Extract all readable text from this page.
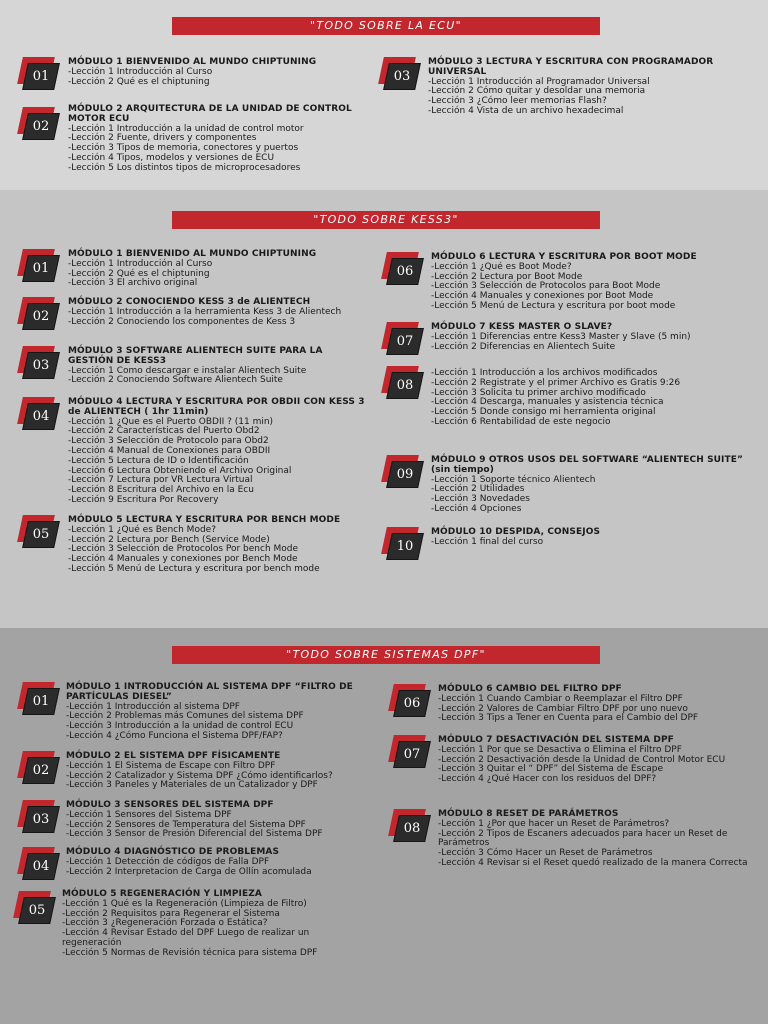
"TODO SOBRE LA ECU"
"TODO SOBRE KESS3"
"TODO SOBRE SISTEMAS DPF"
01
MÓDULO 1 BIENVENIDO AL MUNDO CHIPTUNING
-Lección 1 Introducción al Curso
-Lección 2 Qué es el chiptuning
02
MÓDULO 2 ARQUITECTURA DE LA UNIDAD DE CONTROL MOTOR ECU
-Lección 1 Introducción a la unidad de control motor
-Lección 2 Fuente, drivers y componentes
-Lección 3 Tipos de memoria, conectores y puertos
-Lección 4 Tipos, modelos y versiones de ECU
-Lección 5 Los distintos tipos de microprocesadores
03
MÓDULO 3 LECTURA Y ESCRITURA CON PROGRAMADOR UNIVERSAL
-Lección 1 Introducción al Programador Universal
-Lección 2 Cómo quitar y desoldar una memoria
-Lección 3 ¿Cómo leer memorias Flash?
-Lección 4 Vista de un archivo hexadecimal
01
MÓDULO 1 BIENVENIDO AL MUNDO CHIPTUNING
-Lección 1 Introducción al Curso
-Lección 2 Qué es el chiptuning
-Lección 3 El archivo original
02
MÓDULO 2 CONOCIENDO KESS 3 de ALIENTECH
-Lección 1 Introducción a la herramienta Kess 3 de Alientech
-Lección 2 Conociendo los componentes de Kess 3
03
MÓDULO 3 SOFTWARE ALIENTECH SUITE PARA LA GESTIÓN DE KESS3
-Lección 1 Como descargar e instalar Alientech Suite
-Lección 2 Conociendo Software Alientech Suite
04
MÓDULO 4 LECTURA Y ESCRITURA POR OBDII CON KESS 3 de ALIENTECH ( 1hr 11min)
-Lección 1 ¿Que es el Puerto OBDII ? (11 min)
-Lección 2 Características del Puerto Obd2
-Lección 3 Selección de Protocolo para Obd2
-Lección 4 Manual de Conexiones para OBDII
-Lección 5 Lectura de ID o Identificación
-Lección 6 Lectura Obteniendo el Archivo Original
-Lección 7 Lectura por VR Lectura Virtual
-Lección 8 Escritura del Archivo en la Ecu
-Lección 9 Escritura Por Recovery
05
MÓDULO 5 LECTURA Y ESCRITURA POR BENCH MODE
-Lección 1 ¿Qué es Bench Mode?
-Lección 2 Lectura por Bench (Service Mode)
-Lección 3 Selección de Protocolos Por bench Mode
-Lección 4 Manuales y conexiones por Bench Mode
-Lección 5 Menú de Lectura y escritura por bench mode
06
MÓDULO 6 LECTURA Y ESCRITURA POR BOOT MODE
-Lección 1 ¿Qué es Boot Mode?
-Lección 2 Lectura por Boot Mode
-Lección 3 Selección de Protocolos para Boot Mode
-Lección 4 Manuales y conexiones por Boot Mode
-Lección 5 Menú de Lectura y escritura por boot mode
07
MÓDULO 7 KESS MASTER O SLAVE?
-Lección 1 Diferencias entre Kess3 Master y Slave (5 min)
-Lección 2 Diferencias en Alientech Suite
08
-Lección 1 Introducción a los archivos modificados
-Lección 2 Registrate y el primer Archivo es Gratis 9:26
-Lección 3 Solicita tu primer archivo modificado
-Lección 4 Descarga, manuales y asistencia técnica
-Lección 5 Donde consigo mi herramienta original
-Lección 6 Rentabilidad de este negocio
09
MÓDULO 9 OTROS USOS DEL SOFTWARE “ALIENTECH SUITE” (sin tiempo)
-Lección 1 Soporte técnico Alientech
-Lección 2 Utilidades
-Lección 3 Novedades
-Lección 4 Opciones
10
MÓDULO 10 DESPIDA, CONSEJOS
-Lección 1 final del curso
01
MÓDULO 1 INTRODUCCIÓN AL SISTEMA DPF “FILTRO DE PARTÍCULAS DIESEL”
-Lección 1 Introducción al sistema DPF
-Lección 2 Problemas más Comunes del sistema DPF
-Lección 3 Introducción a la unidad de control ECU
-Lección 4 ¿Cómo Funciona el Sistema DPF/FAP?
02
MÓDULO 2 EL SISTEMA DPF FÍSICAMENTE
-Lección 1 El Sistema de Escape con Filtro DPF
-Lección 2 Catalizador y Sistema DPF ¿Cómo identificarlos?
-Lección 3 Paneles y Materiales de un Catalizador y DPF
03
MÓDULO 3 SENSORES DEL SISTEMA DPF
-Lección 1 Sensores del Sistema DPF
-Lección 2 Sensores de Temperatura del Sistema DPF
-Lección 3 Sensor de Presión Diferencial del Sistema DPF
04
MÓDULO 4 DIAGNÓSTICO DE PROBLEMAS
-Lección 1 Detección de códigos de Falla DPF
-Lección 2 Interpretacion de Carga de Ollín acomulada
05
MÓDULO 5 REGENERACIÓN Y LIMPIEZA
-Lección 1 Qué es la Regeneración (Limpieza de Filtro)
-Lección 2 Requisitos para Regenerar el Sistema
-Lección 3 ¿Regeneración Forzada o Estática?
-Lección 4 Revisar Estado del DPF Luego de realizar un regeneración
-Lección 5 Normas de Revisión técnica para sistema DPF
06
MÓDULO 6 CAMBIO DEL FILTRO DPF
-Lección 1 Cuando Cambiar o Reemplazar el Filtro DPF
-Lección 2 Valores de Cambiar Filtro DPF por uno nuevo
-Lección 3 Tips a Tener en Cuenta para el Cambio del DPF
07
MÓDULO 7 DESACTIVACIÓN DEL SISTEMA DPF
-Lección 1 Por que se Desactiva o Elimina el Filtro DPF
-Lección 2 Desactivación desde la Unidad de Control Motor ECU
-Lección 3 Quitar el “ DPF” del Sistema de Escape
-Lección 4 ¿Qué Hacer con los residuos del DPF?
08
MÓDULO 8 RESET DE PARÁMETROS
-Lección 1 ¿Por que hacer un Reset de Parámetros?
-Lección 2 Tipos de Escaners adecuados para hacer un Reset de Parámetros
-Lección 3 Cómo Hacer un Reset de Parámetros
-Lección 4 Revisar si el Reset quedó realizado de la manera Correcta
